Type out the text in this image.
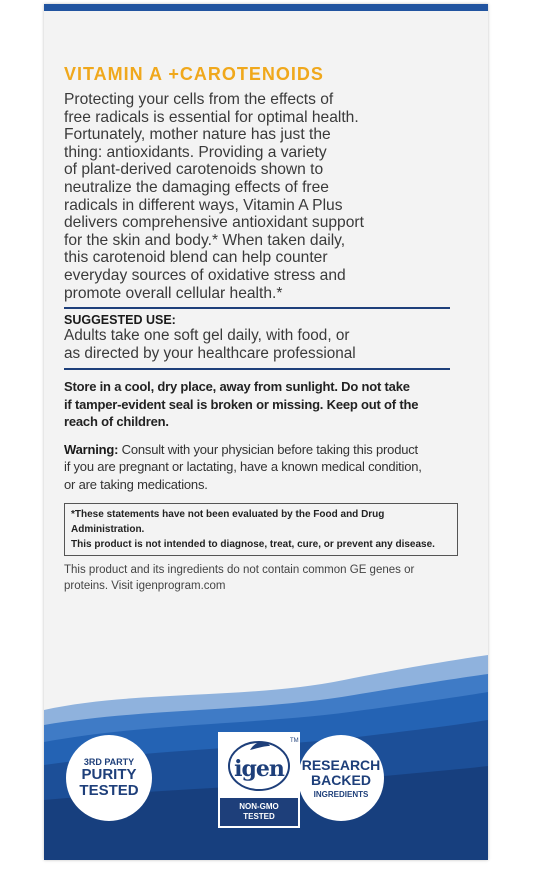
VITAMIN A +CAROTENOIDS
Protecting your cells from the effects of
free radicals is essential for optimal health.
Fortunately, mother nature has just the
thing: antioxidants. Providing a variety
of plant-derived carotenoids shown to
neutralize the damaging effects of free
radicals in different ways, Vitamin A Plus
delivers comprehensive antioxidant support
for the skin and body.* When taken daily,
this carotenoid blend can help counter
everyday sources of oxidative stress and
promote overall cellular health.*
SUGGESTED USE:
Adults take one soft gel daily, with food, or
as directed by your healthcare professional
Store in a cool, dry place, away from sunlight. Do not take
if tamper-evident seal is broken or missing. Keep out of the
reach of children.
Warning: Consult with your physician before taking this product
if you are pregnant or lactating, have a known medical condition,
or are taking medications.
*These statements have not been evaluated by the Food and Drug Administration.
This product is not intended to diagnose, treat, cure, or prevent any disease.
This product and its ingredients do not contain common GE genes or
proteins. Visit igenprogram.com
3RD PARTY
PURITY
TESTED
igen
TM
NON-GMO
TESTED
RESEARCH
BACKED
INGREDIENTS
